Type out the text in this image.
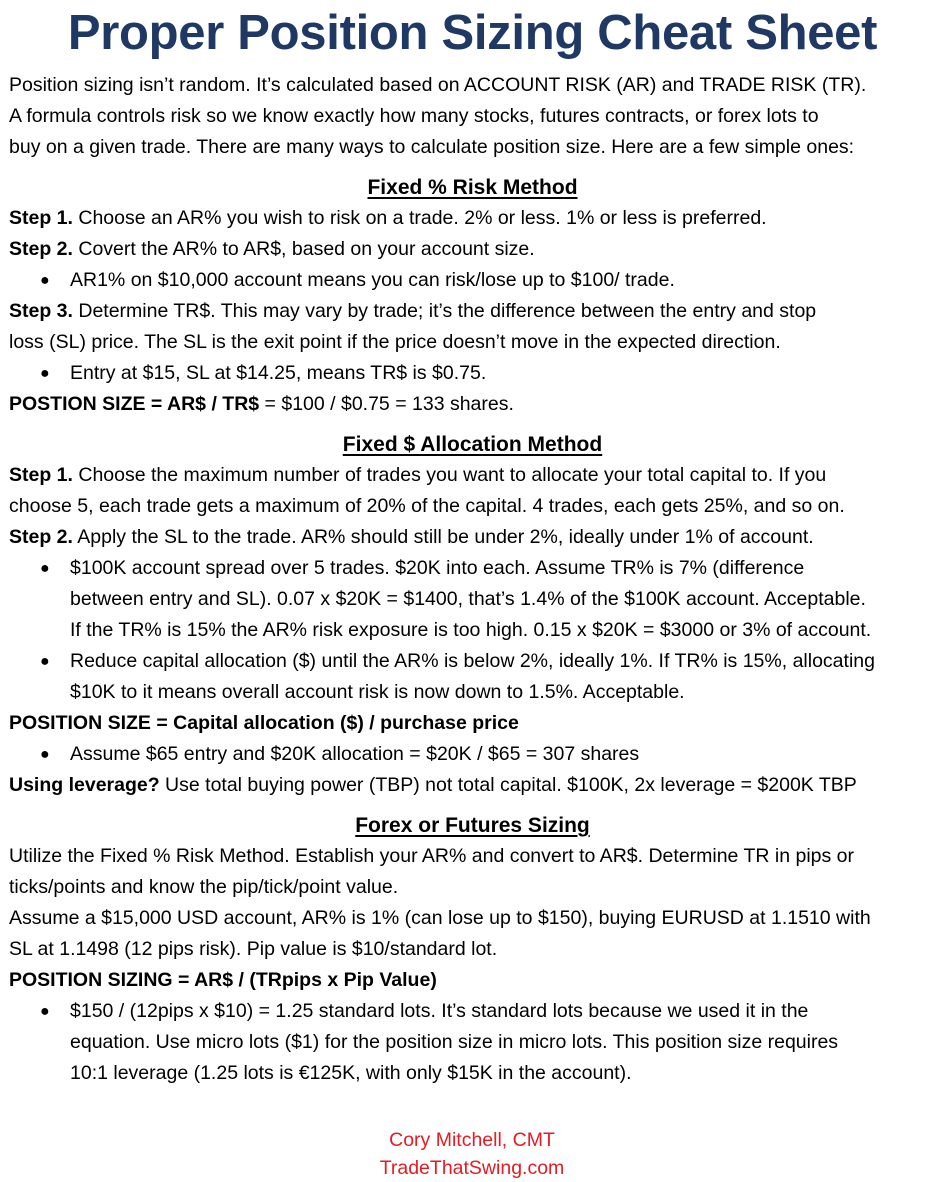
Proper Position Sizing Cheat Sheet
Position sizing isn’t random. It’s calculated based on ACCOUNT RISK (AR) and TRADE RISK (TR).
A formula controls risk so we know exactly how many stocks, futures contracts, or forex lots to
buy on a given trade. There are many ways to calculate position size. Here are a few simple ones:
Fixed % Risk Method

Step 1. Choose an AR% you wish to risk on a trade. 2% or less. 1% or less is preferred.

Step 2. Covert the AR% to AR$, based on your account size.

● AR1% on $10,000 account means you can risk/lose up to $100/ trade.

Step 3. Determine TR$. This may vary by trade; it’s the difference between the entry and stop

loss (SL) price. The SL is the exit point if the price doesn’t move in the expected direction.

● Entry at $15, SL at $14.25, means TR$ is $0.75.

POSTION SIZE = AR$ / TR$ = $100 / $0.75 = 133 shares.

Fixed $ Allocation Method

Step 1. Choose the maximum number of trades you want to allocate your total capital to. If you

choose 5, each trade gets a maximum of 20% of the capital. 4 trades, each gets 25%, and so on.

Step 2. Apply the SL to the trade. AR% should still be under 2%, ideally under 1% of account.

● $100K account spread over 5 trades. $20K into each. Assume TR% is 7% (difference
between entry and SL). 0.07 x $20K = $1400, that’s 1.4% of the $100K account. Acceptable.
If the TR% is 15% the AR% risk exposure is too high. 0.15 x $20K = $3000 or 3% of account.
● Reduce capital allocation ($) until the AR% is below 2%, ideally 1%. If TR% is 15%, allocating
$10K to it means overall account risk is now down to 1.5%. Acceptable.

POSITION SIZE = Capital allocation ($) / purchase price

● Assume $65 entry and $20K allocation = $20K / $65 = 307 shares

Using leverage? Use total buying power (TBP) not total capital. $100K, 2x leverage = $200K TBP

Forex or Futures Sizing

Utilize the Fixed % Risk Method. Establish your AR% and convert to AR$. Determine TR in pips or

ticks/points and know the pip/tick/point value.

Assume a $15,000 USD account, AR% is 1% (can lose up to $150), buying EURUSD at 1.1510 with

SL at 1.1498 (12 pips risk). Pip value is $10/standard lot.

POSITION SIZING = AR$ / (TRpips x Pip Value)

● $150 / (12pips x $10) = 1.25 standard lots. It’s standard lots because we used it in the
equation. Use micro lots ($1) for the position size in micro lots. This position size requires
10:1 leverage (1.25 lots is €125K, with only $15K in the account).
Cory Mitchell, CMT
TradeThatSwing.com
